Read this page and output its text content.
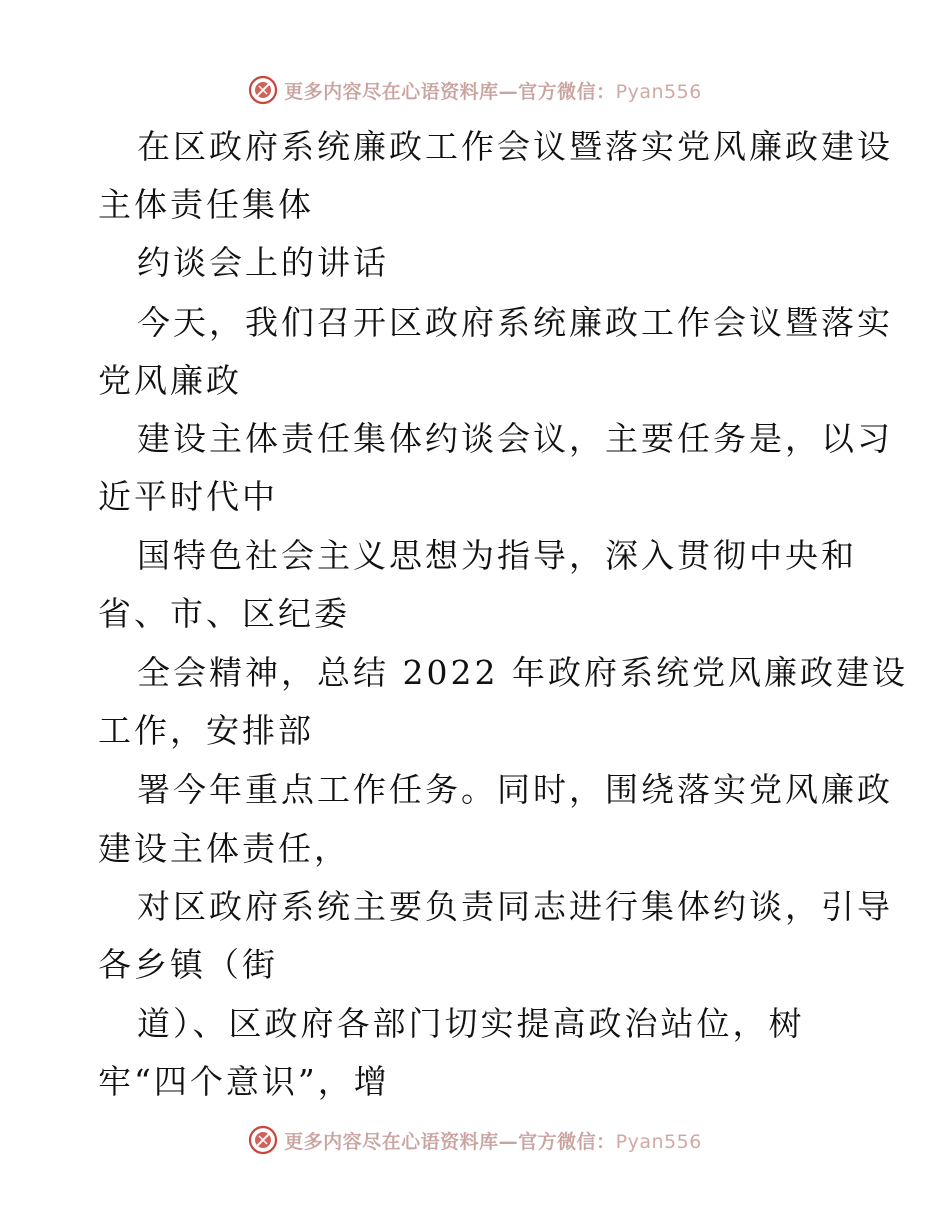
更多内容尽在心语资料库—官方微信：Pyan556
在区政府系统廉政工作会议暨落实党风廉政建设
主体责任集体
约谈会上的讲话
今天，我们召开区政府系统廉政工作会议暨落实
党风廉政
建设主体责任集体约谈会议，主要任务是，以习
近平时代中
国特色社会主义思想为指导，深入贯彻中央和
省、市、区纪委
全会精神，总结 2022 年政府系统党风廉政建设
工作，安排部
署今年重点工作任务。同时，围绕落实党风廉政
建设主体责任，
对区政府系统主要负责同志进行集体约谈，引导
各乡镇（街
道）、区政府各部门切实提高政治站位，树
牢“四个意识”，增
更多内容尽在心语资料库—官方微信：Pyan556
